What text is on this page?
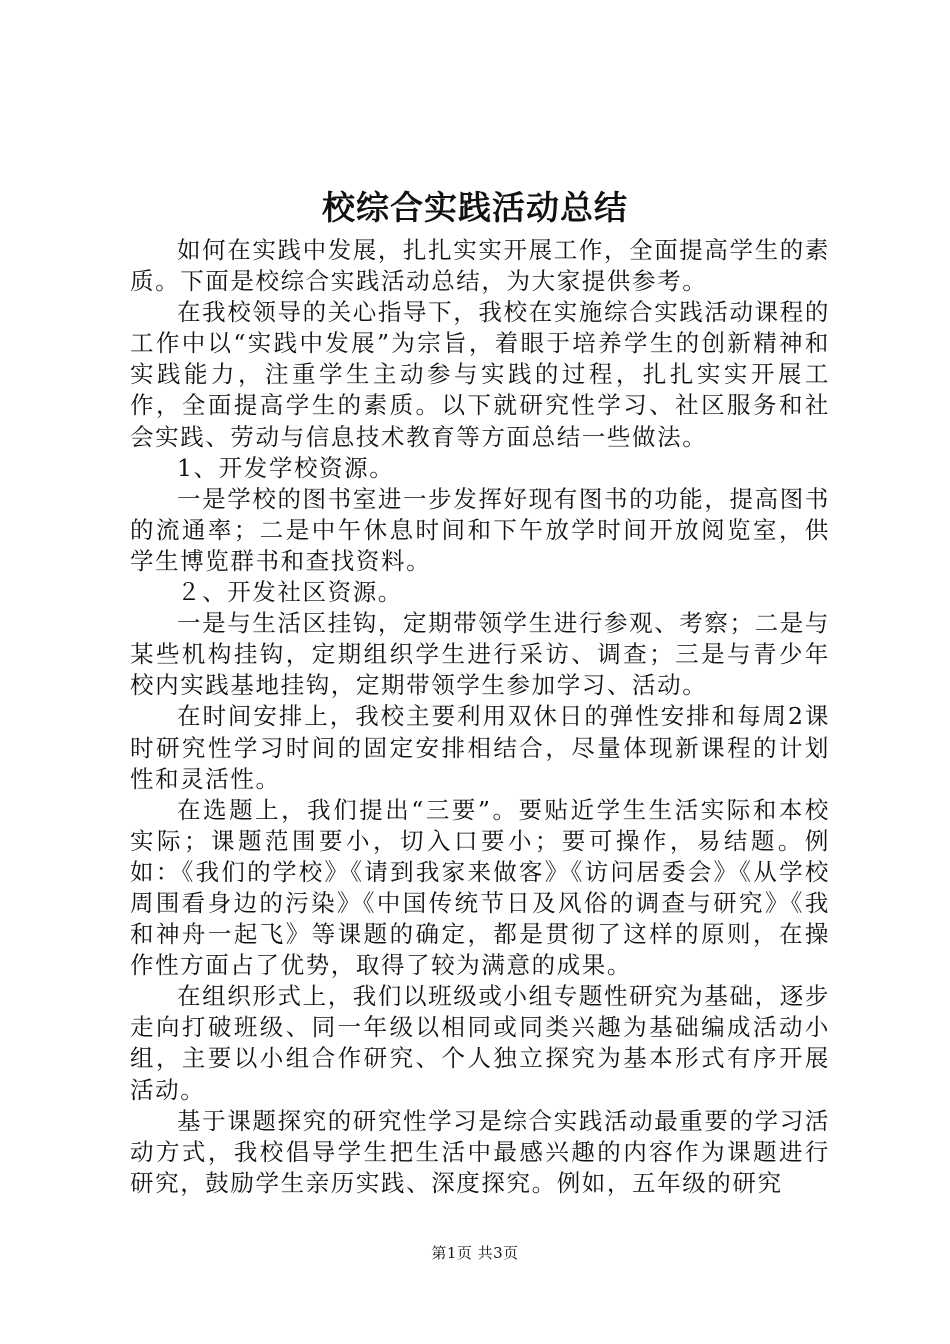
校综合实践活动总结

如何在实践中发展，扎扎实实开展工作，全面提高学生的素质。下面是校综合实践活动总结，为大家提供参考。

在我校领导的关心指导下，我校在实施综合实践活动课程的工作中以“实践中发展”为宗旨，着眼于培养学生的创新精神和实践能力，注重学生主动参与实践的过程，扎扎实实开展工作，全面提高学生的素质。以下就研究性学习、社区服务和社会实践、劳动与信息技术教育等方面总结一些做法。

1、开发学校资源。

一是学校的图书室进一步发挥好现有图书的功能，提高图书的流通率；二是中午休息时间和下午放学时间开放阅览室，供学生博览群书和查找资料。

２、开发社区资源。

一是与生活区挂钩，定期带领学生进行参观、考察；二是与某些机构挂钩，定期组织学生进行采访、调查；三是与青少年校内实践基地挂钩，定期带领学生参加学习、活动。

在时间安排上，我校主要利用双休日的弹性安排和每周2课时研究性学习时间的固定安排相结合，尽量体现新课程的计划性和灵活性。

在选题上，我们提出“三要”。要贴近学生生活实际和本校实际；课题范围要小，切入口要小；要可操作，易结题。例如：《我们的学校》《请到我家来做客》《访问居委会》《从学校周围看身边的污染》《中国传统节日及风俗的调查与研究》《我和神舟一起飞》等课题的确定，都是贯彻了这样的原则，在操作性方面占了优势，取得了较为满意的成果。

在组织形式上，我们以班级或小组专题性研究为基础，逐步走向打破班级、同一年级以相同或同类兴趣为基础编成活动小组，主要以小组合作研究、个人独立探究为基本形式有序开展活动。

基于课题探究的研究性学习是综合实践活动最重要的学习活动方式，我校倡导学生把生活中最感兴趣的内容作为课题进行研究，鼓励学生亲历实践、深度探究。例如，五年级的研究

第1页 共3页
